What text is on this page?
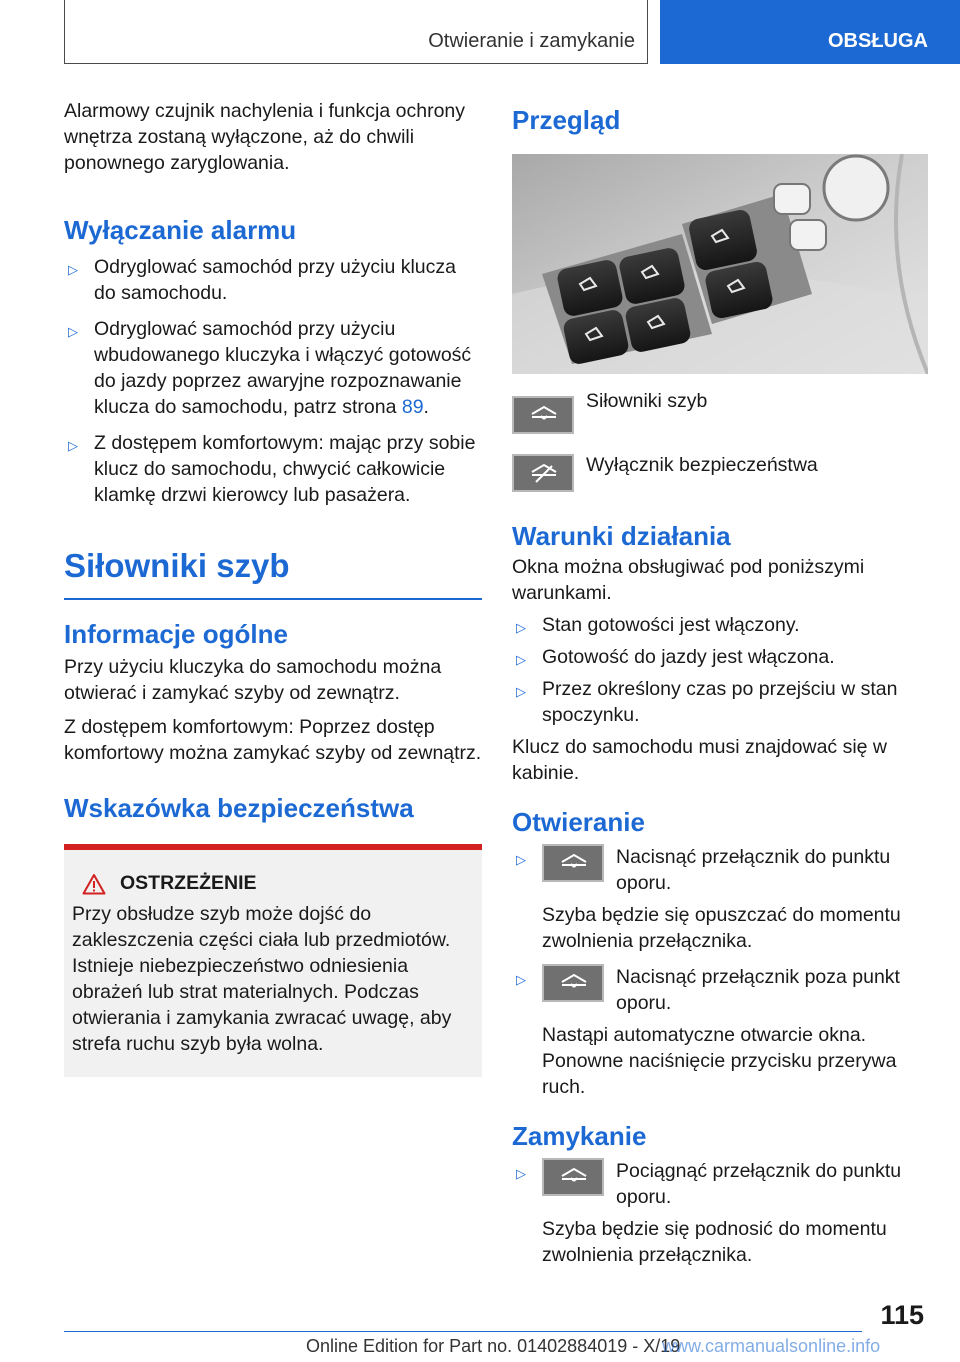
Otwieranie i zamykanie	OBSŁUGA

Alarmowy czujnik nachylenia i funkcja ochrony wnętrza zostaną wyłączone, aż do chwili ponownego zaryglowania.

Wyłączanie alarmu
▷ Odryglować samochód przy użyciu klucza do samochodu.
▷ Odryglować samochód przy użyciu wbudowanego kluczyka i włączyć gotowość do jazdy poprzez awaryjne rozpoznawanie klucza do samochodu, patrz strona 89.
▷ Z dostępem komfortowym: mając przy sobie klucz do samochodu, chwycić całkowicie klamkę drzwi kierowcy lub pasażera.
Siłowniki szyb
Informacje ogólne

Przy użyciu kluczyka do samochodu można otwierać i zamykać szyby od zewnątrz.

Z dostępem komfortowym: Poprzez dostęp komfortowy można zamykać szyby od zewnątrz.

Wskazówka bezpieczeństwa
OSTRZEŻENIE

Przy obsłudze szyb może dojść do zakleszczenia części ciała lub przedmiotów. Istnieje niebezpieczeństwo odniesienia obrażeń lub strat materialnych. Podczas otwierania i zamykania zwracać uwagę, aby strefa ruchu szyb była wolna.

Przegląd
Siłowniki szyb
Wyłącznik bezpieczeństwa
Warunki działania

Okna można obsługiwać pod poniższymi warunkami.

▷ Stan gotowości jest włączony.
▷ Gotowość do jazdy jest włączona.
▷ Przez określony czas po przejściu w stan spoczynku.

Klucz do samochodu musi znajdować się w kabinie.

Otwieranie
▷	Nacisnąć przełącznik do punktu oporu.

Szyba będzie się opuszczać do momentu zwolnienia przełącznika.

▷	Nacisnąć przełącznik poza punkt oporu.

Nastąpi automatyczne otwarcie okna. Ponowne naciśnięcie przycisku przerywa ruch.

Zamykanie
▷	Pociągnąć przełącznik do punktu oporu.

Szyba będzie się podnosić do momentu zwolnienia przełącznika.

115
Online Edition for Part no. 01402884019 - X/19
www.carmanualsonline.info
